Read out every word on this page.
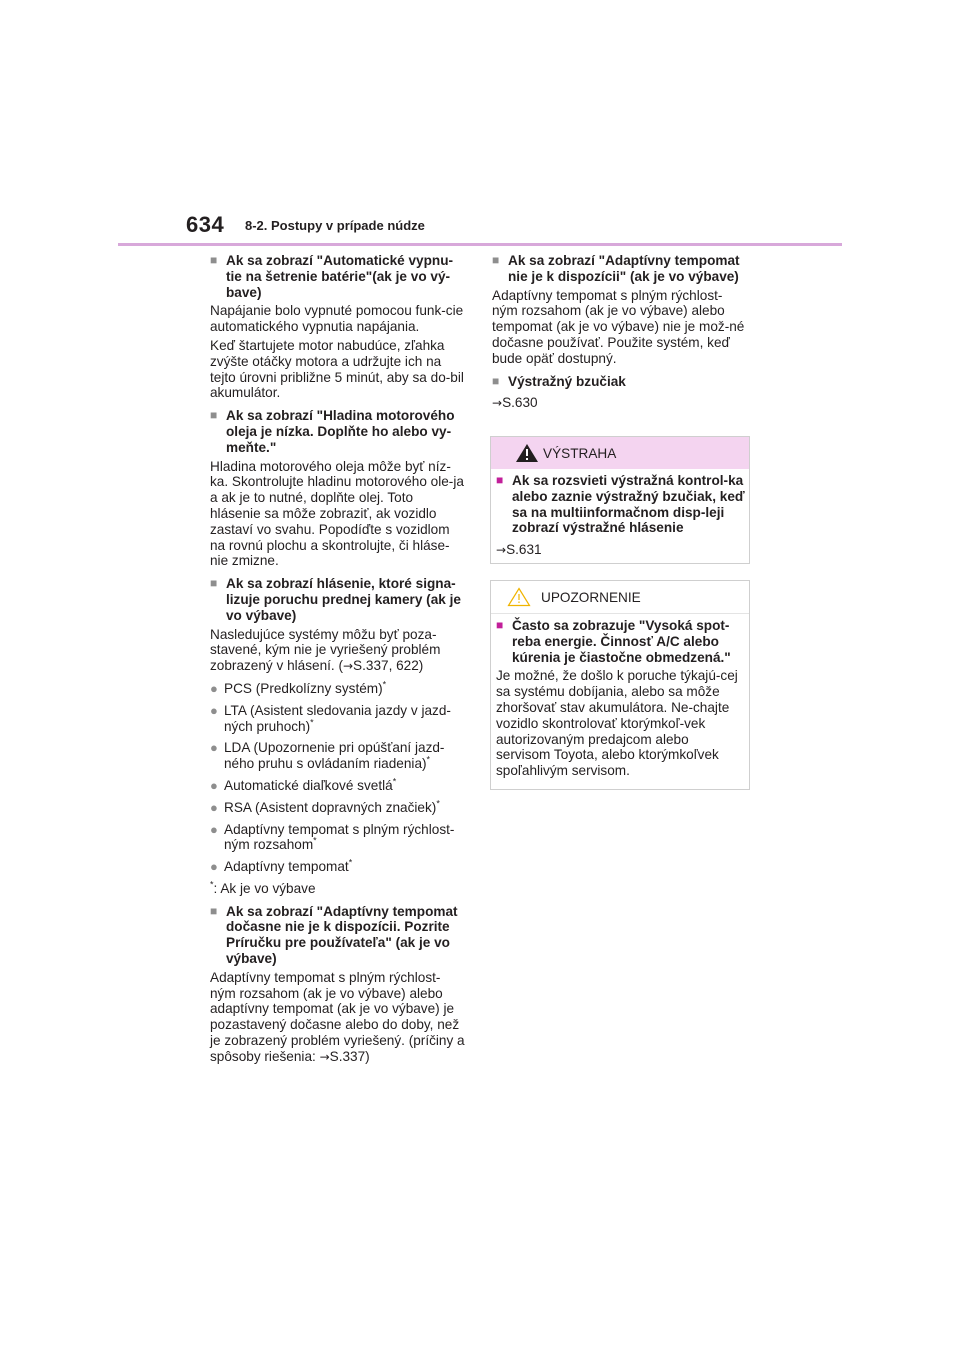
634 8-2. Postupy v prípade núdze
■ Ak sa zobrazí "Automatické vypnu-tie na šetrenie batérie"(ak je vo vý-bave)
Napájanie bolo vypnuté pomocou funk-cie automatického vypnutia napájania.
Keď štartujete motor nabudúce, zľahka zvýšte otáčky motora a udržujte ich na tejto úrovni približne 5 minút, aby sa do-bil akumulátor.
■ Ak sa zobrazí "Hladina motorového oleja je nízka. Doplňte ho alebo vy-meňte."
Hladina motorového oleja môže byť níz-ka. Skontrolujte hladinu motorového ole-ja a ak je to nutné, doplňte olej. Toto hlásenie sa môže zobraziť, ak vozidlo zastaví vo svahu. Popodíďte s vozidlom na rovnú plochu a skontrolujte, či hláse-nie zmizne.
■ Ak sa zobrazí hlásenie, ktoré signa-lizuje poruchu prednej kamery (ak je vo výbave)
Nasledujúce systémy môžu byť poza-stavené, kým nie je vyriešený problém zobrazený v hlásení. (→S.337, 622)
● PCS (Predkolízny systém)*
● LTA (Asistent sledovania jazdy v jazd-ných pruhoch)*
● LDA (Upozornenie pri opúšťaní jazd-ného pruhu s ovládaním riadenia)*
● Automatické diaľkové svetlá*
● RSA (Asistent dopravných značiek)*
● Adaptívny tempomat s plným rýchlost-ným rozsahom*
● Adaptívny tempomat*
*: Ak je vo výbave
■ Ak sa zobrazí "Adaptívny tempomat dočasne nie je k dispozícii. Pozrite Príručku pre používateľa" (ak je vo výbave)
Adaptívny tempomat s plným rýchlost-ným rozsahom (ak je vo výbave) alebo adaptívny tempomat (ak je vo výbave) je pozastavený dočasne alebo do doby, než je zobrazený problém vyriešený. (príčiny a spôsoby riešenia: →S.337)
■ Ak sa zobrazí "Adaptívny tempomat nie je k dispozícii" (ak je vo výbave)
Adaptívny tempomat s plným rýchlost-ným rozsahom (ak je vo výbave) alebo tempomat (ak je vo výbave) nie je mož-né dočasne používať. Použite systém, keď bude opäť dostupný.
■ Výstražný bzučiak
→S.630
VÝSTRAHA
■ Ak sa rozsvieti výstražná kontrol-ka alebo zaznie výstražný bzučiak, keď sa na multiinformačnom disp-leji zobrazí výstražné hlásenie
→S.631
UPOZORNENIE
■ Často sa zobrazuje "Vysoká spot-reba energie. Činnosť A/C alebo kúrenia je čiastočne obmedzená."
Je možné, že došlo k poruche týkajú-cej sa systému dobíjania, alebo sa môže zhoršovať stav akumulátora. Ne-chajte vozidlo skontrolovať ktorýmkoľ-vek autorizovaným predajcom alebo servisom Toyota, alebo ktorýmkoľvek spoľahlivým servisom.
